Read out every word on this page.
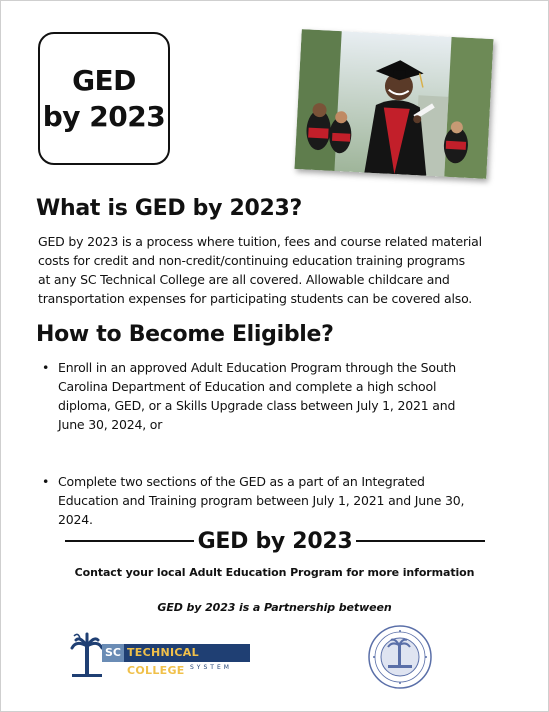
GED
by 2023
What is GED by 2023?

GED by 2023 is a process where tuition, fees and course related material
costs for credit and non-credit/continuing education training programs
at any SC Technical College are all covered. Allowable childcare and
transportation expenses for participating students can be covered also.

How to Become Eligible?
• Enroll in an approved Adult Education Program through the South
Carolina Department of Education and complete a high school
diploma, GED, or a Skills Upgrade class between July 1, 2021 and
June 30, 2024, or
• Complete two sections of the GED as a part of an Integrated
Education and Training program between July 1, 2021 and June 30,
2024.
GED by 2023
Contact your local Adult Education Program for more information
GED by 2023 is a Partnership between
SC TECHNICAL COLLEGE SYSTEM
